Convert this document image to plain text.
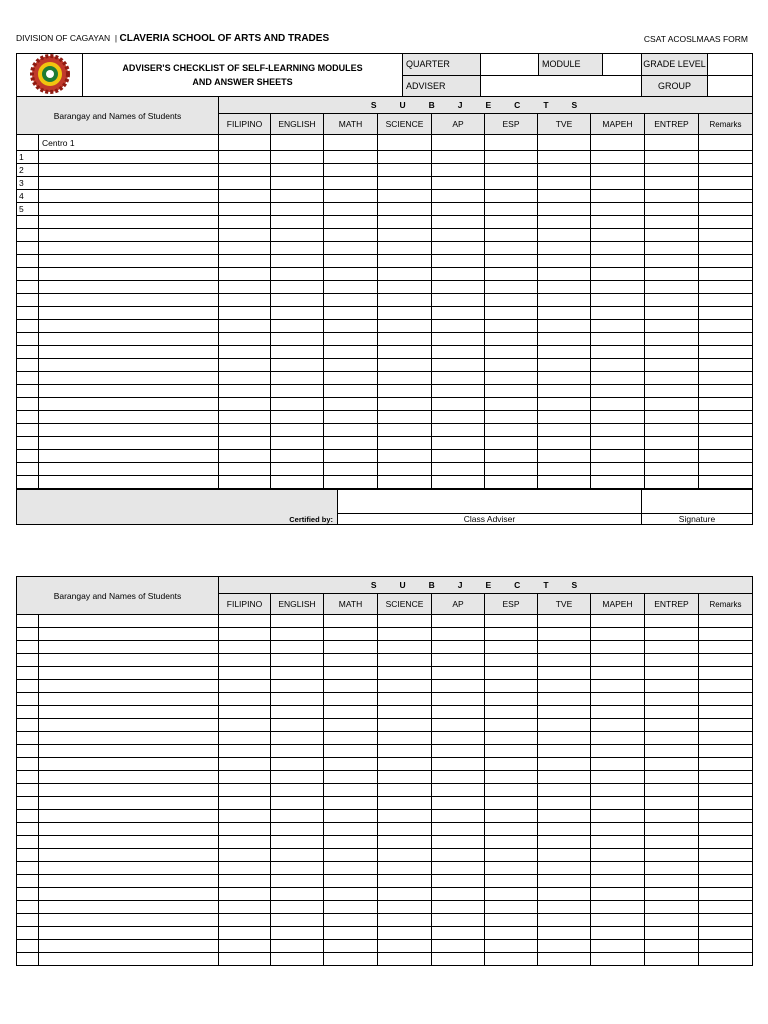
DIVISION OF CAGAYAN | CLAVERIA SCHOOL OF ARTS AND TRADES	CSAT ACOSLMAAS FORM

ADVISER'S CHECKLIST OF SELF-LEARNING MODULES
AND ANSWER SHEETS	QUARTER		MODULE		GRADE LEVEL	
		ADVISER				GROUP	
Barangay and Names of Students		SUBJECTS									
		FILIPINO	ENGLISH	MATH	SCIENCE	AP	ESP	TVE	MAPEH	ENTREP	Remarks
	Centro 1										
1											
2											
3											
4											
5											

Certified by:		
	Class Adviser	Signature
Barangay and Names of Students		SUBJECTS									
		FILIPINO	ENGLISH	MATH	SCIENCE	AP	ESP	TVE	MAPEH	ENTREP	Remarks
